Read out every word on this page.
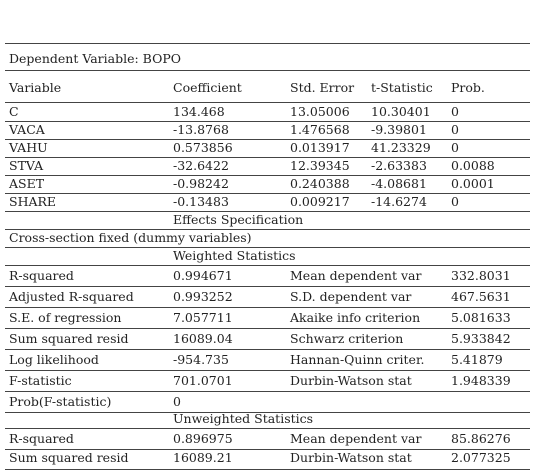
Dependent Variable: BOPO
Variable	Coefficient	Std. Error t-Statistic Prob.
C	134.468	13.05006 10.30401 0
VACA	-13.8768	1.476568 -9.39801 0
VAHU	0.573856	0.013917 41.23329 0
STVA	-32.6422	12.39345 -2.63383 0.0088
ASET	-0.98242	0.240388 -4.08681 0.0001
SHARE	-0.13483	0.009217 -14.6274 0
Effects Specification
Cross-section fixed (dummy variables)
Weighted Statistics
R-squared	0.994671	Mean dependent var 332.8031
Adjusted R-squared	0.993252	S.D. dependent var	467.5631
S.E. of regression	7.057711	Akaike info criterion 5.081633
Sum squared resid	16089.04	Schwarz criterion	5.933842
Log likelihood	-954.735	Hannan-Quinn criter. 5.41879
F-statistic	701.0701	Durbin-Watson stat	1.948339
Prob(F-statistic)	0
Unweighted Statistics
R-squared	0.896975	Mean dependent var 85.86276
Sum squared resid	16089.21	Durbin-Watson stat	2.077325
